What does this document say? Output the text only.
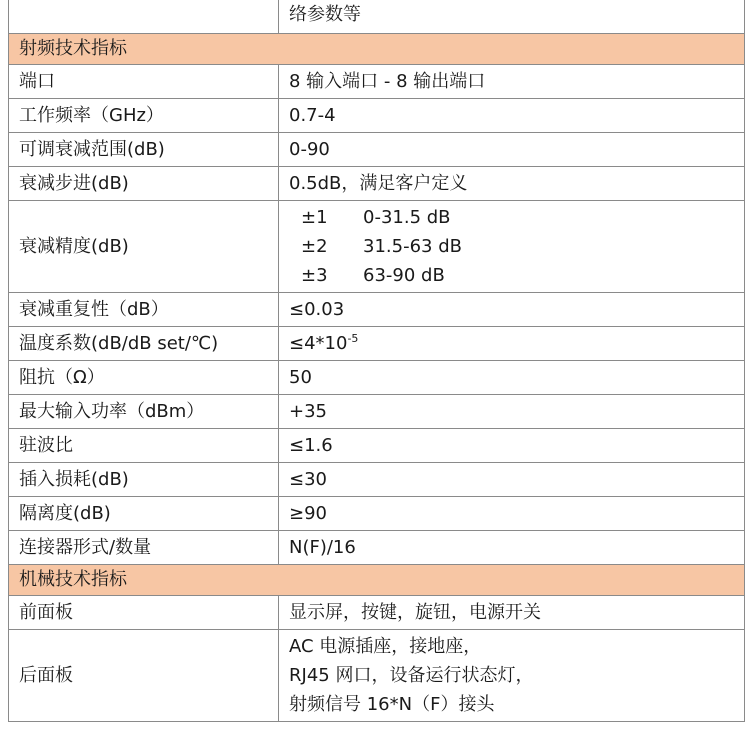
	络参数等
射频技术指标	
端口	8 输入端口 - 8 输出端口
工作频率（GHz）	0.7-4
可调衰减范围(dB)	0-90
衰减步进(dB)	0.5dB，满足客户定义
衰减精度(dB)	±1 0-31.5 dB
±2 31.5-63 dB
±3 63-90 dB

衰减重复性（dB）	≤0.03
温度系数(dB/dB set/℃)	$\le 4*10^{-5}$
阻抗（Ω）	50
最大输入功率（dBm）	+35
驻波比	≤1.6
插入损耗(dB)	≤30
隔离度(dB)	≥90
连接器形式/数量	N(F)/16
机械技术指标	
前面板	显示屏，按键，旋钮，电源开关
后面板	AC 电源插座，接地座，
RJ45 网口，设备运行状态灯，
射频信号 16*N（F）接头
